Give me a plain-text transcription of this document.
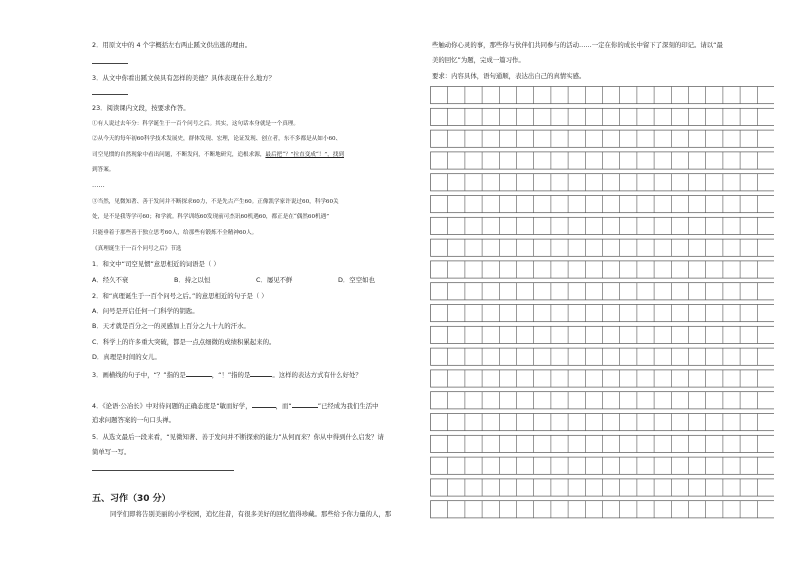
2．用原文中的 4 个字概括左右两止蹊文供出逃的理由。
3．从文中你看出蹊文侯具有怎样的美德？具体表现在什么地方？
23．阅读课内文段，按要求作答。
①有人说过去年分：科学诞生于一百个问号之后。其实，这句话本身就是一个真理。
②从今天的每年初60科学技术发展史，群体发现、宏理，论证发现、创立者，东不多都是从如小60、
司空见惯的自然现象中看出问题，不断发问，不断地研究，追根求源，最后把“？”拉直变成“！”，找到
到答案。
……
③当然，见微知著、善于发问并不断探求60力，不是先古产生60。正像凯学家许说过60，科学60关
处，是不是我等学可60；和学就。科学训练60发现前可杰讯60机遇60，都正是在“偶然60机遇”
只能垂着于那些善于独立思考60人，给那些有锻炼不全精神60人。
《真理诞生于一百个问号之后》节选
1．和文中“司空见惯”意思相近的词语是（ ）
A．经久不衰	B．持之以恒	C．屡见不鲜	D．空空如也
2．和“真理诞生于一百个问号之后。”的意思相近的句子是（ ）
A．问号是开启任何一门科学的钥匙。
B．天才就是百分之一的灵感加上百分之九十九的汗水。
C．科学上的许多重大突破，都是一点点细微的成绩积累起来的。
D．真理是时间的女儿。
3．画横线的句子中，“？”指的是	，“！”指的是	。这样的表达方式有什么好处？
4．《论语·公冶长》中对待问题的正确态度是“敏而好学，	，而“	”已经成为我们生活中
追求问题答案的一句口头禅。
5．从选文最后一段来看，“见微知著、善于发问并不断探索的能力”从何而来？你从中得到什么启发？请
简单写一写。
五、习作（30 分）
同学们即将告别美丽的小学校园，追忆往昔，有很多美好的回忆值得珍藏。那些给予你力量的人，那
些触动你心灵的事，那些你与伙伴们共同参与的活动……一定在你的成长中留下了深刻的印记。请以“最
美的回忆”为题，完成一篇习作。
要求：内容具体，语句通顺，表达出自己的真情实感。
